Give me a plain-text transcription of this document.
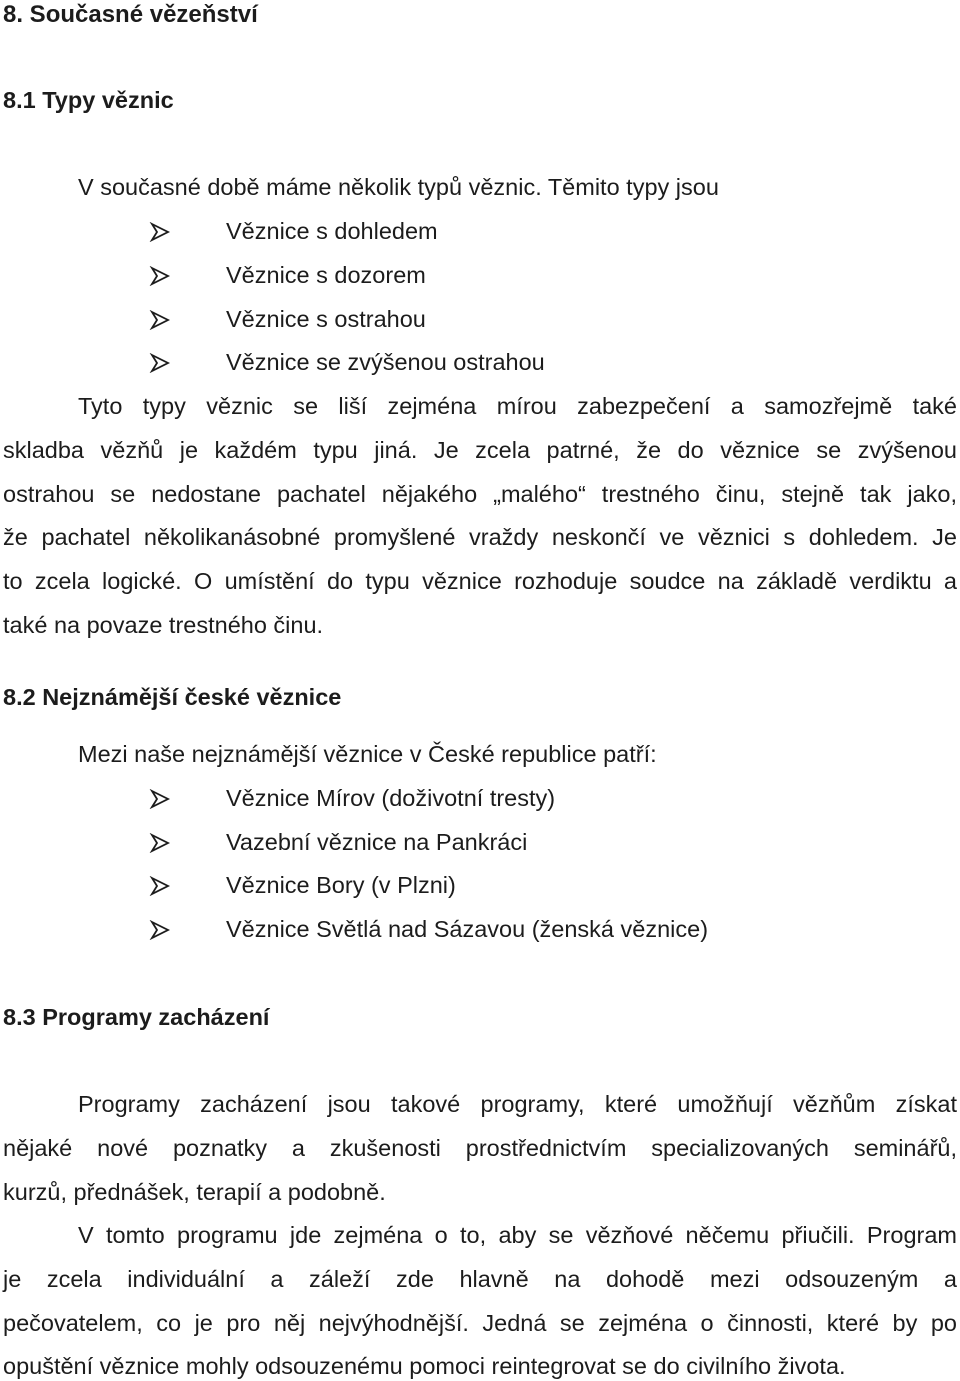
8. Současné vězeňství
8.1 Typy věznic
V současné době máme několik typů věznic. Těmito typy jsou
Věznice s dohledem
Věznice s dozorem
Věznice s ostrahou
Věznice se zvýšenou ostrahou
Tyto typy věznic se liší zejména mírou zabezpečení a samozřejmě také
skladba vězňů je každém typu jiná. Je zcela patrné, že do věznice se zvýšenou
ostrahou se nedostane pachatel nějakého „malého“ trestného činu, stejně tak jako,
že pachatel několikanásobné promyšlené vraždy neskončí ve věznici s dohledem. Je
to zcela logické. O umístění do typu věznice rozhoduje soudce na základě verdiktu a
také na povaze trestného činu.
8.2 Nejznámější české věznice
Mezi naše nejznámější věznice v České republice patří:
Věznice Mírov (doživotní tresty)
Vazební věznice na Pankráci
Věznice Bory (v Plzni)
Věznice Světlá nad Sázavou (ženská věznice)
8.3 Programy zacházení
Programy zacházení jsou takové programy, které umožňují vězňům získat
nějaké nové poznatky a zkušenosti prostřednictvím specializovaných seminářů,
kurzů, přednášek, terapií a podobně.
V tomto programu jde zejména o to, aby se vězňové něčemu přiučili. Program
je zcela individuální a záleží zde hlavně na dohodě mezi odsouzeným a
pečovatelem, co je pro něj nejvýhodnější. Jedná se zejména o činnosti, které by po
opuštění věznice mohly odsouzenému pomoci reintegrovat se do civilního života.
